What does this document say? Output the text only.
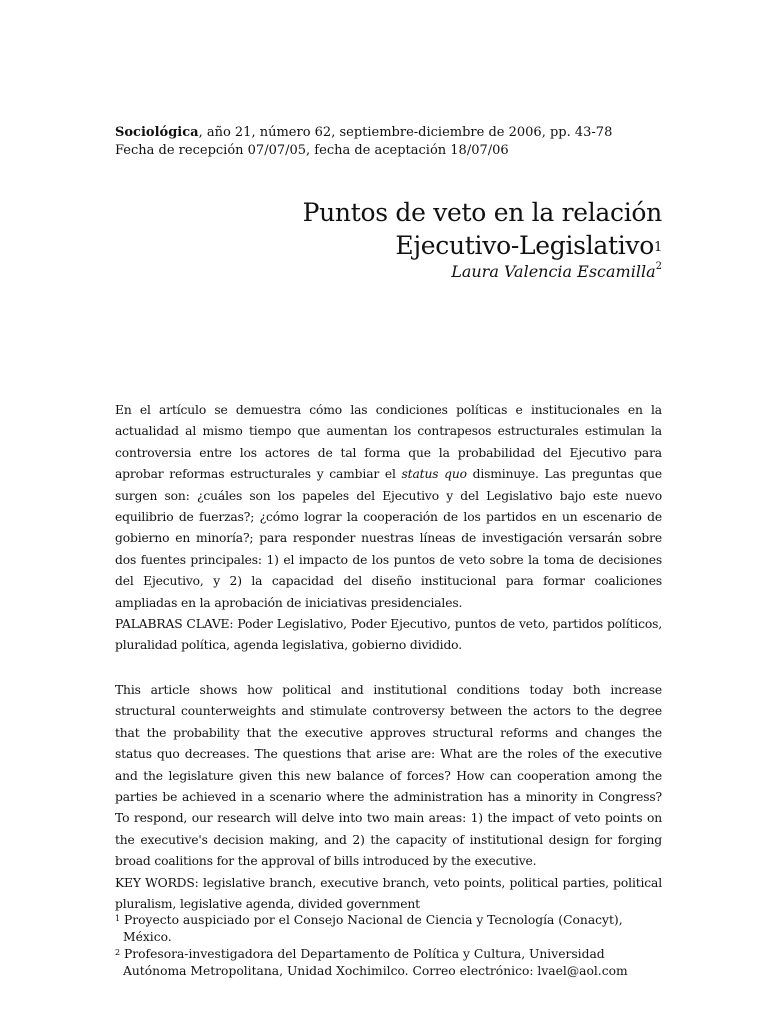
Sociológica, año 21, número 62, septiembre-diciembre de 2006, pp. 43-78
Fecha de recepción 07/07/05, fecha de aceptación 18/07/06
Puntos de veto en la relación
Ejecutivo-Legislativo$^1$
Laura Valencia Escamilla$^2$

En el artículo se demuestra cómo las condiciones políticas e institucionales en la actualidad al mismo tiempo que aumentan los contrapesos estructurales estimulan la controversia entre los actores de tal forma que la probabilidad del Ejecutivo para aprobar reformas estructurales y cambiar el status quo disminuye. Las preguntas que surgen son: ¿cuáles son los papeles del Ejecutivo y del Legislativo bajo este nuevo equilibrio de fuerzas?; ¿cómo lograr la cooperación de los partidos en un escenario de gobierno en minoría?; para responder nuestras líneas de investigación versarán sobre dos fuentes principales: 1) el impacto de los puntos de veto sobre la toma de decisiones del Ejecutivo, y 2) la capacidad del diseño institucional para formar coaliciones ampliadas en la aprobación de iniciativas presidenciales.

PALABRAS CLAVE: Poder Legislativo, Poder Ejecutivo, puntos de veto, partidos políticos, pluralidad política, agenda legislativa, gobierno dividido.

This article shows how political and institutional conditions today both increase structural counterweights and stimulate controversy between the actors to the degree that the probability that the executive approves structural reforms and changes the status quo decreases. The questions that arise are: What are the roles of the executive and the legislature given this new balance of forces? How can cooperation among the parties be achieved in a scenario where the administration has a minority in Congress? To respond, our research will delve into two main areas: 1) the impact of veto points on the executive's decision making, and 2) the capacity of institutional design for forging broad coalitions for the approval of bills introduced by the executive.

KEY WORDS: legislative branch, executive branch, veto points, political parties, political pluralism, legislative agenda, divided government

$^1$ Proyecto auspiciado por el Consejo Nacional de Ciencia y Tecnología (Conacyt), México.

$^2$ Profesora-investigadora del Departamento de Política y Cultura, Universidad Autónoma Metropolitana, Unidad Xochimilco. Correo electrónico: lvael@aol.com
